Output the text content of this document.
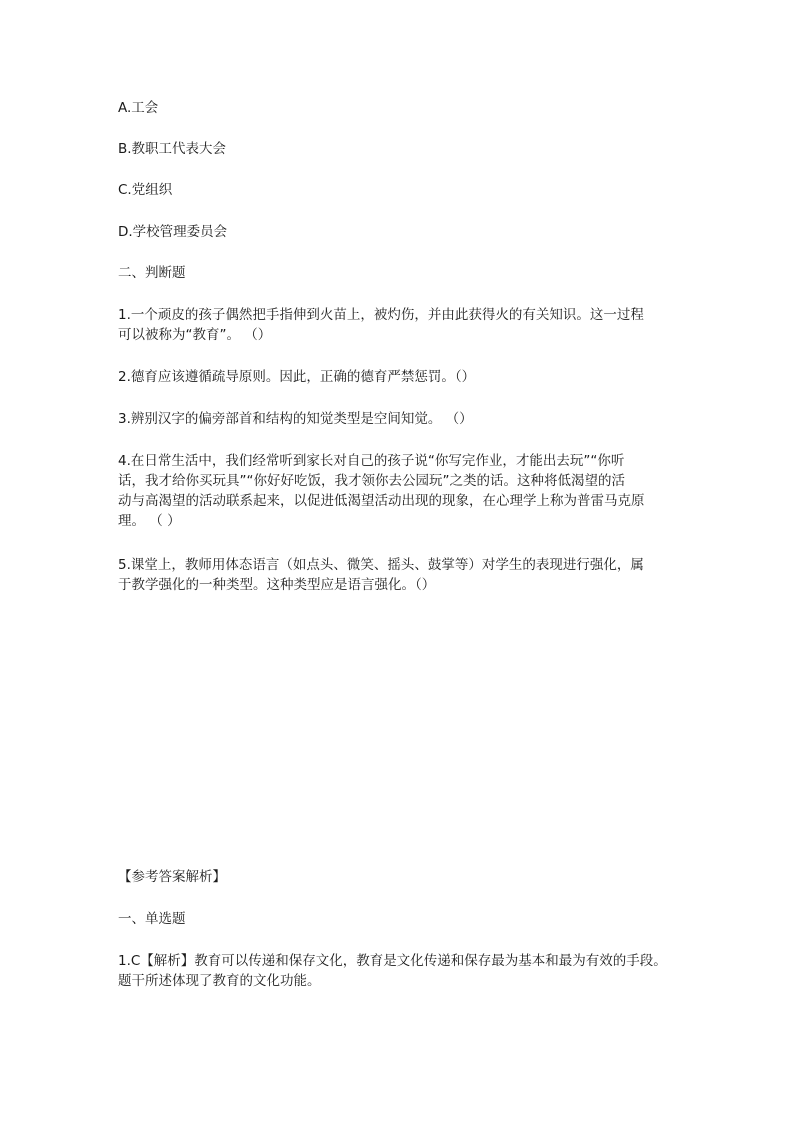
A.工会
B.教职工代表大会
C.党组织
D.学校管理委员会
二、判断题
1.一个顽皮的孩子偶然把手指伸到火苗上，被灼伤，并由此获得火的有关知识。这一过程
可以被称为“教育”。 （）
2.德育应该遵循疏导原则。因此，正确的德育严禁惩罚。（）
3.辨别汉字的偏旁部首和结构的知觉类型是空间知觉。 （）
4.在日常生活中，我们经常听到家长对自己的孩子说“你写完作业，才能出去玩”“你听
话，我才给你买玩具”“你好好吃饭，我才领你去公园玩”之类的话。这种将低渴望的活
动与高渴望的活动联系起来，以促进低渴望活动出现的现象，在心理学上称为普雷马克原
理。 （ ）
5.课堂上，教师用体态语言（如点头、微笑、摇头、鼓掌等）对学生的表现进行强化，属
于教学强化的一种类型。这种类型应是语言强化。（）
【参考答案解析】
一、单选题
1.C【解析】教育可以传递和保存文化，教育是文化传递和保存最为基本和最为有效的手段。
题干所述体现了教育的文化功能。
